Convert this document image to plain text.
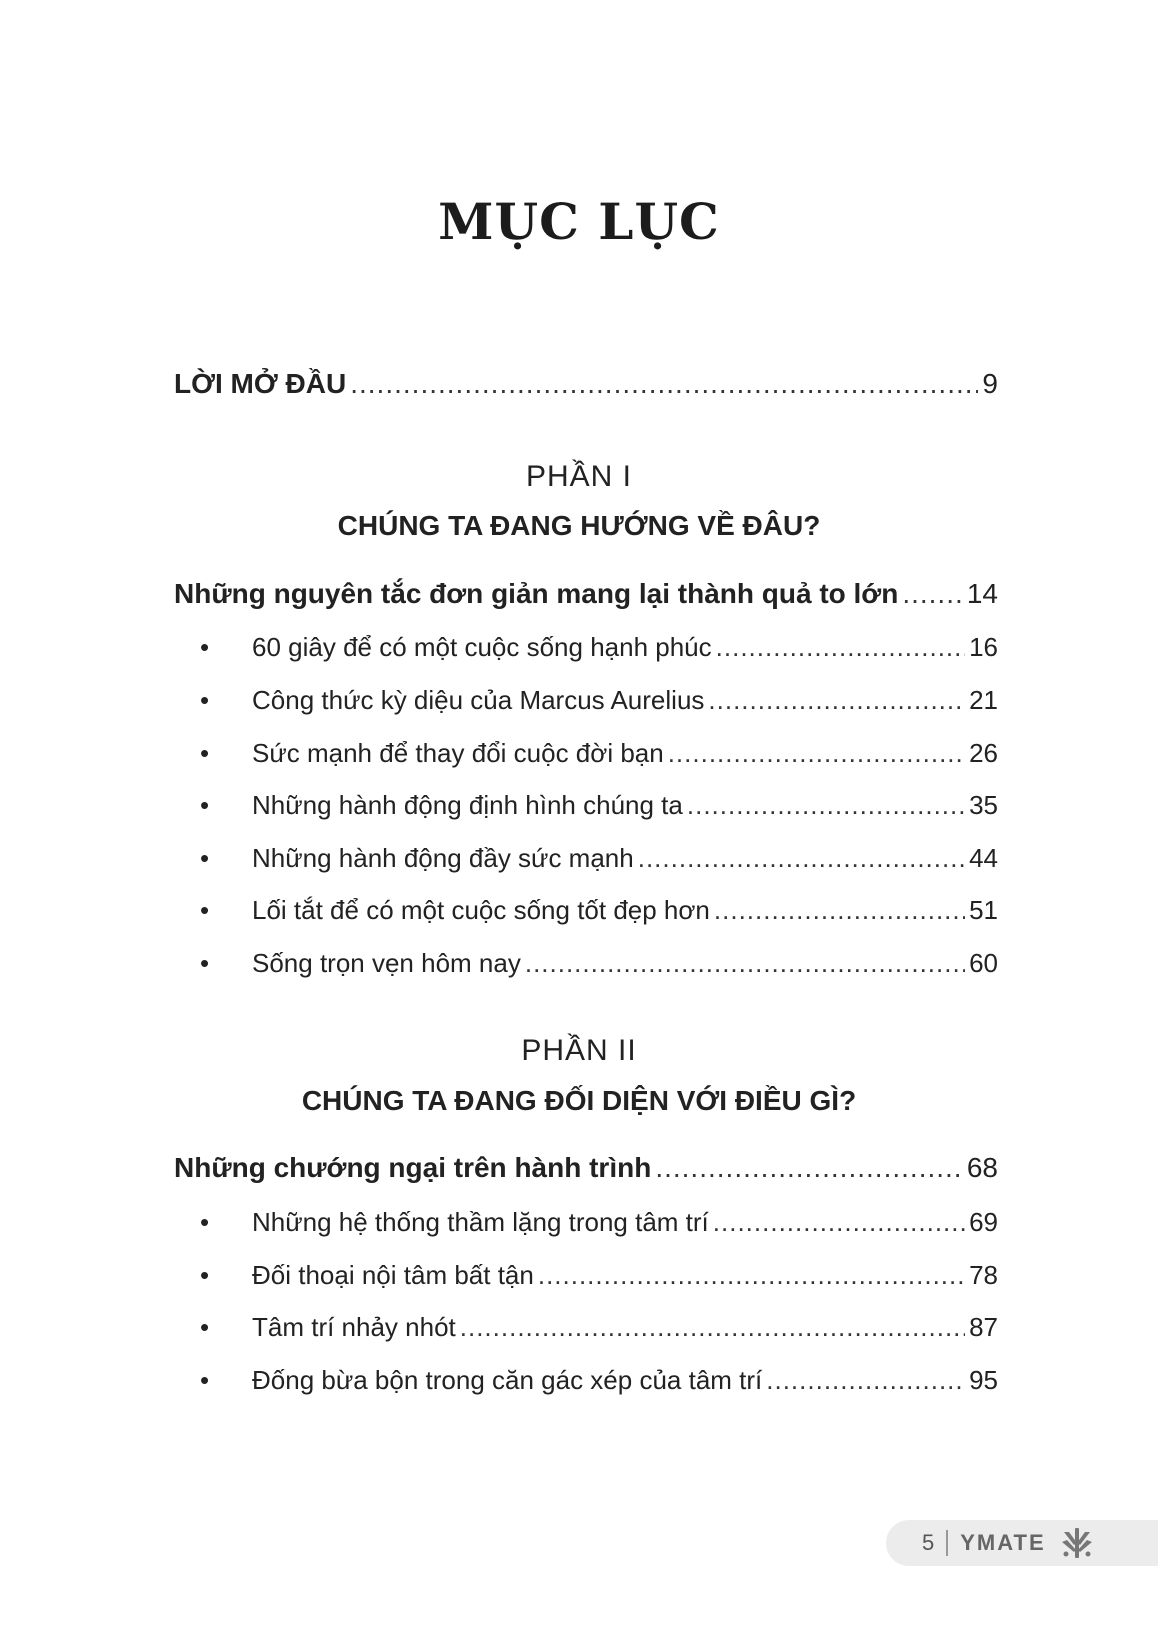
MỤC LỤC
LỜI MỞ ĐẦU .....	9
PHẦN I
CHÚNG TA ĐANG HƯỚNG VỀ ĐÂU?
Những nguyên tắc đơn giản mang lại thành quả to lớn ..... 14
• 60 giây để có một cuộc sống hạnh phúc .....	16
• Công thức kỳ diệu của Marcus Aurelius .....	21
• Sức mạnh để thay đổi cuộc đời bạn .....	26
• Những hành động định hình chúng ta .....	35
• Những hành động đầy sức mạnh .....	44
• Lối tắt để có một cuộc sống tốt đẹp hơn .....	51
• Sống trọn vẹn hôm nay .....	60
PHẦN II
CHÚNG TA ĐANG ĐỐI DIỆN VỚI ĐIỀU GÌ?
Những chướng ngại trên hành trình .....	68
• Những hệ thống thầm lặng trong tâm trí .....	69
• Đối thoại nội tâm bất tận .....	78
• Tâm trí nhảy nhót .....	87
• Đống bừa bộn trong căn gác xép của tâm trí .....	95
5 YMATE
